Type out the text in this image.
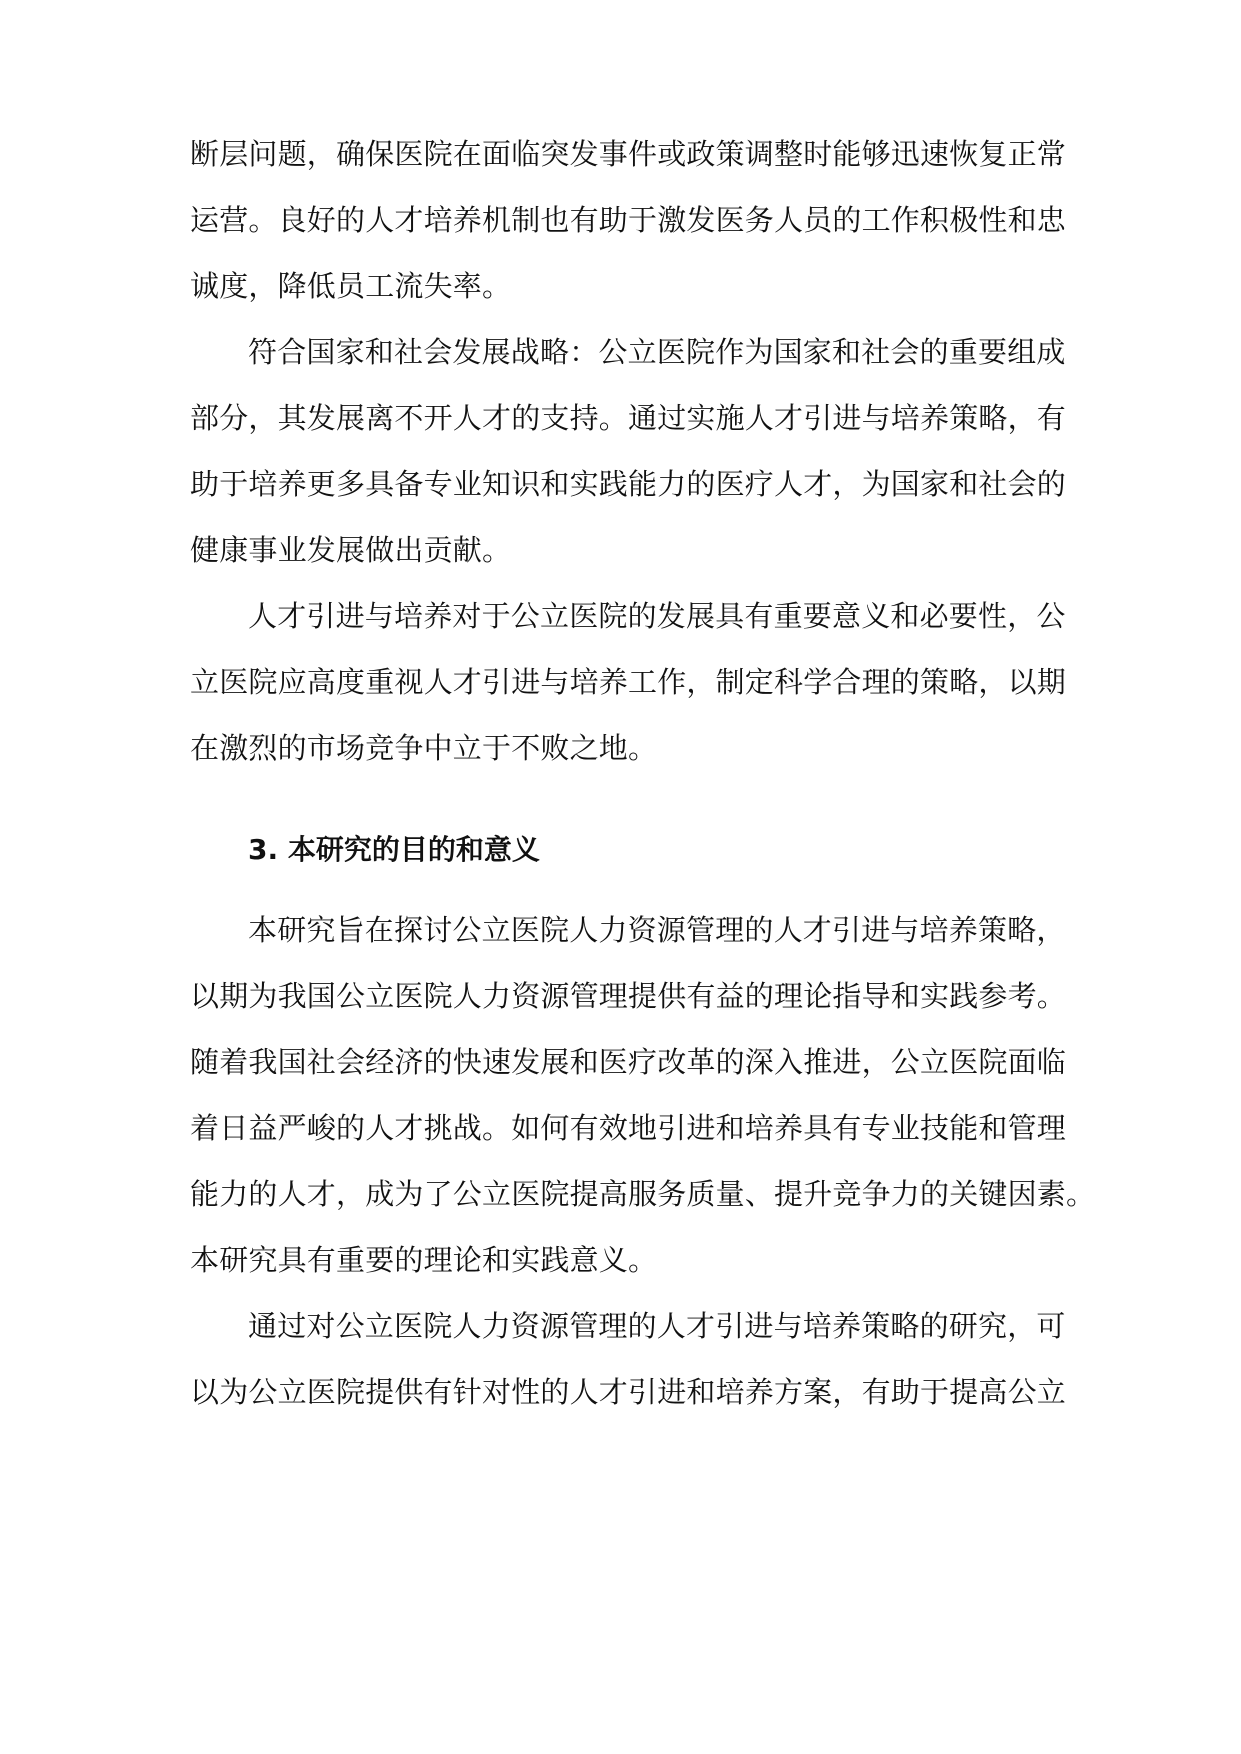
断层问题，确保医院在面临突发事件或政策调整时能够迅速恢复正常
运营。良好的人才培养机制也有助于激发医务人员的工作积极性和忠
诚度，降低员工流失率。
符合国家和社会发展战略：公立医院作为国家和社会的重要组成
部分，其发展离不开人才的支持。通过实施人才引进与培养策略，有
助于培养更多具备专业知识和实践能力的医疗人才，为国家和社会的
健康事业发展做出贡献。
人才引进与培养对于公立医院的发展具有重要意义和必要性，公
立医院应高度重视人才引进与培养工作，制定科学合理的策略，以期
在激烈的市场竞争中立于不败之地。
3. 本研究的目的和意义
本研究旨在探讨公立医院人力资源管理的人才引进与培养策略，
以期为我国公立医院人力资源管理提供有益的理论指导和实践参考。
随着我国社会经济的快速发展和医疗改革的深入推进，公立医院面临
着日益严峻的人才挑战。如何有效地引进和培养具有专业技能和管理
能力的人才，成为了公立医院提高服务质量、提升竞争力的关键因素。
本研究具有重要的理论和实践意义。
通过对公立医院人力资源管理的人才引进与培养策略的研究，可
以为公立医院提供有针对性的人才引进和培养方案，有助于提高公立
